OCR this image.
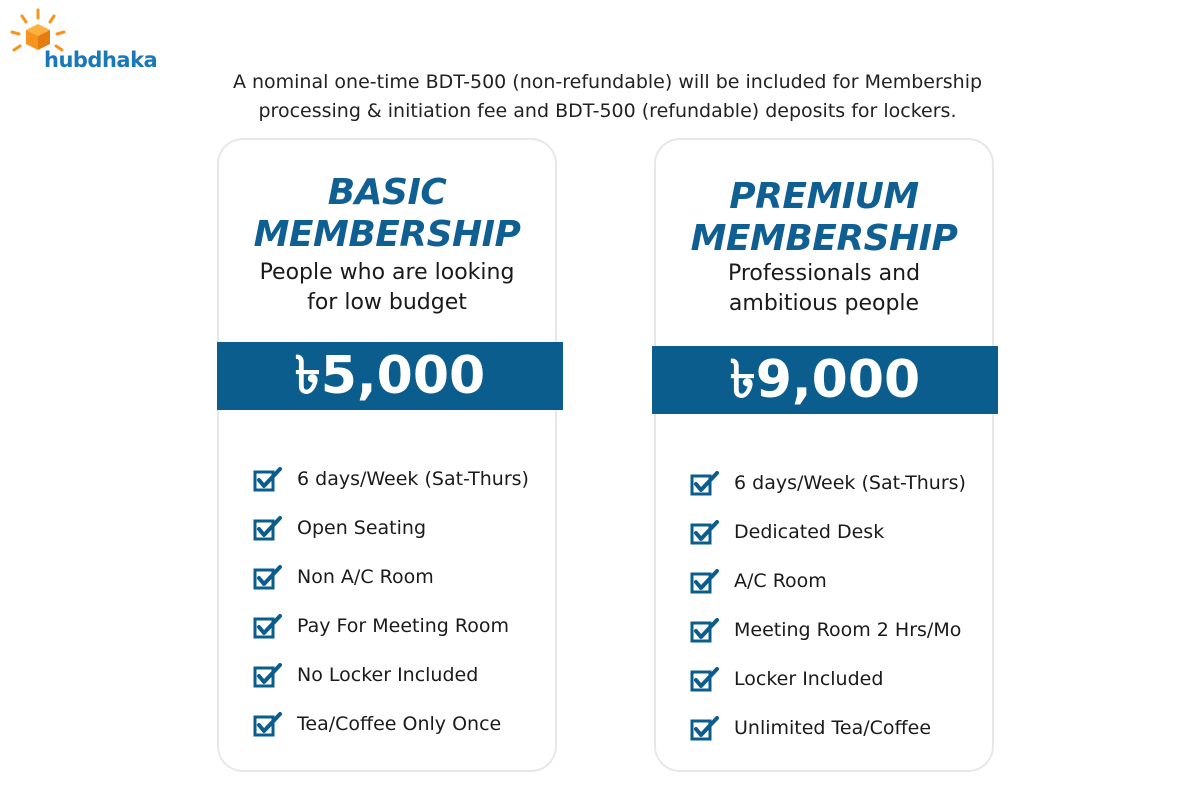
hubdhaka
A nominal one-time BDT-500 (non-refundable) will be included for Membership
processing & initiation fee and BDT-500 (refundable) deposits for lockers.
BASIC
MEMBERSHIP
People who are looking
for low budget
৳5,000
6 days/Week (Sat-Thurs)
Open Seating
Non A/C Room
Pay For Meeting Room
No Locker Included
Tea/Coffee Only Once
PREMIUM
MEMBERSHIP
Professionals and
ambitious people
৳9,000
6 days/Week (Sat-Thurs)
Dedicated Desk
A/C Room
Meeting Room 2 Hrs/Mo
Locker Included
Unlimited Tea/Coffee
